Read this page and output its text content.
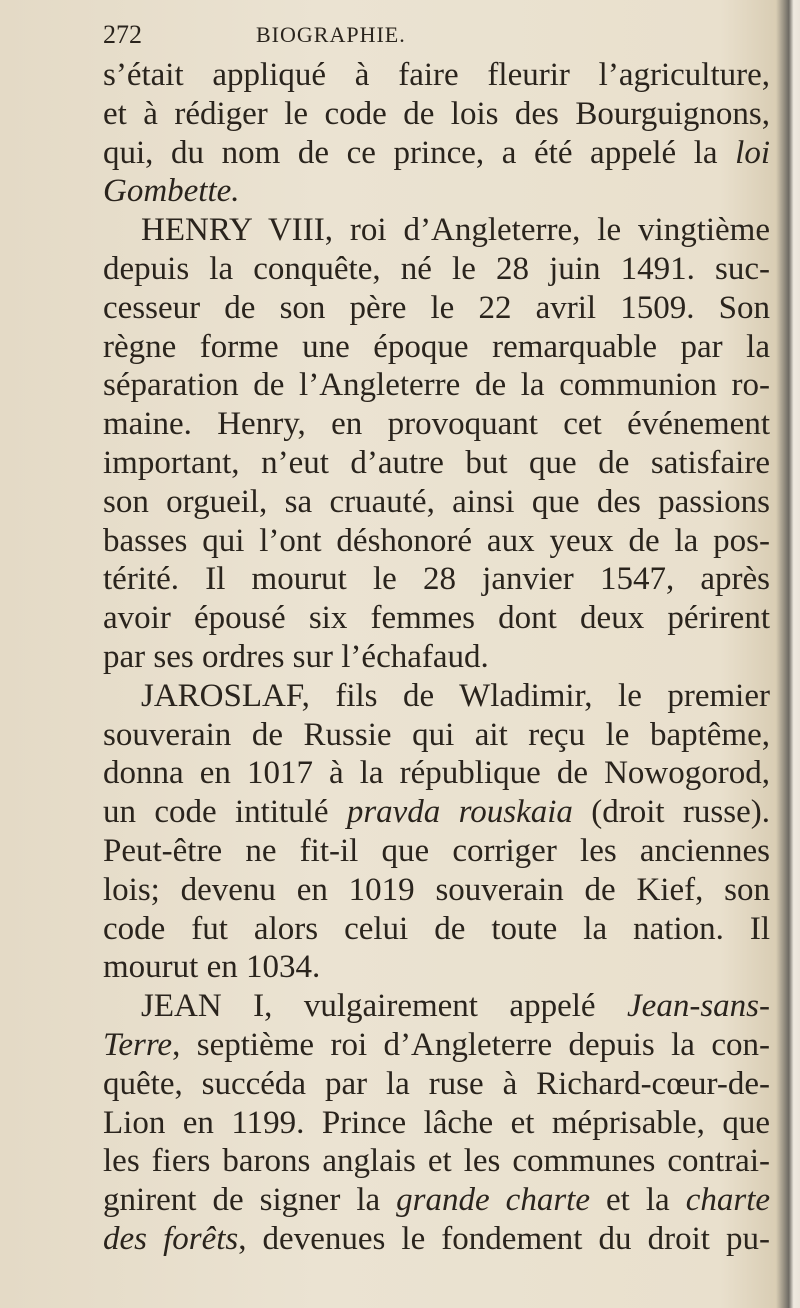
272	BIOGRAPHIE.
s’était appliqué à faire fleurir l’agriculture,
et à rédiger le code de lois des Bourguignons,
qui, du nom de ce prince, a été appelé la loi
Gombette.
HENRY VIII, roi d’Angleterre, le vingtième
depuis la conquête, né le 28 juin 1491. suc-
cesseur de son père le 22 avril 1509. Son
règne forme une époque remarquable par la
séparation de l’Angleterre de la communion ro-
maine. Henry, en provoquant cet événement
important, n’eut d’autre but que de satisfaire
son orgueil, sa cruauté, ainsi que des passions
basses qui l’ont déshonoré aux yeux de la pos-
térité. Il mourut le 28 janvier 1547, après
avoir épousé six femmes dont deux périrent
par ses ordres sur l’échafaud.
JAROSLAF, fils de Wladimir, le premier
souverain de Russie qui ait reçu le baptême,
donna en 1017 à la république de Nowogorod,
un code intitulé pravda rouskaia (droit russe).
Peut-être ne fit-il que corriger les anciennes
lois; devenu en 1019 souverain de Kief, son
code fut alors celui de toute la nation. Il
mourut en 1034.
JEAN I, vulgairement appelé Jean-sans-
Terre, septième roi d’Angleterre depuis la con-
quête, succéda par la ruse à Richard-cœur-de-
Lion en 1199. Prince lâche et méprisable, que
les fiers barons anglais et les communes contrai-
gnirent de signer la grande charte et la charte
des forêts, devenues le fondement du droit pu-
